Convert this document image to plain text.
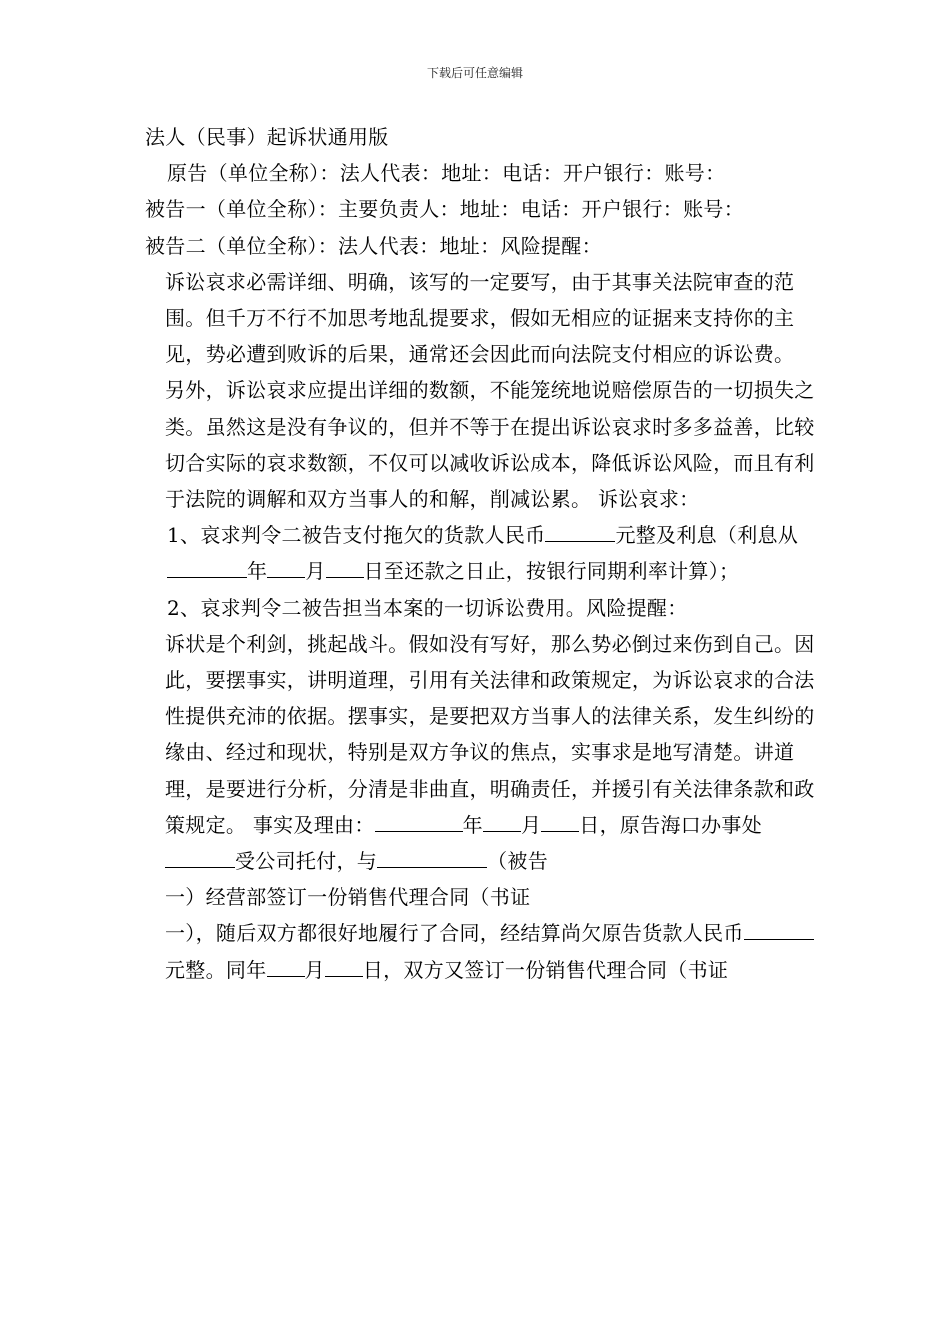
下载后可任意编辑

法人（民事）起诉状通用版

原告（单位全称）：法人代表：地址：电话：开户银行：账号：

被告一（单位全称）：主要负责人：地址：电话：开户银行：账号：

被告二（单位全称）：法人代表：地址：风险提醒：

诉讼哀求必需详细、明确，该写的一定要写，由于其事关法院审查的范围。但千万不行不加思考地乱提要求，假如无相应的证据来支持你的主见，势必遭到败诉的后果，通常还会因此而向法院支付相应的诉讼费。

另外，诉讼哀求应提出详细的数额，不能笼统地说赔偿原告的一切损失之类。虽然这是没有争议的，但并不等于在提出诉讼哀求时多多益善，比较切合实际的哀求数额，不仅可以减收诉讼成本，降低诉讼风险，而且有利于法院的调解和双方当事人的和解，削减讼累。 诉讼哀求：

1、哀求判令二被告支付拖欠的货款人民币	元整及利息（利息从年 月 日至还款之日止，按银行同期利率计算）；

2、哀求判令二被告担当本案的一切诉讼费用。风险提醒：

诉状是个利剑，挑起战斗。假如没有写好，那么势必倒过来伤到自己。因此，要摆事实，讲明道理，引用有关法律和政策规定，为诉讼哀求的合法性提供充沛的依据。摆事实，是要把双方当事人的法律关系，发生纠纷的缘由、经过和现状，特别是双方争议的焦点，实事求是地写清楚。讲道理，是要进行分析，分清是非曲直，明确责任，并援引有关法律条款和政策规定。 事实及理由：	年 月 日，原告海口办事处受公司托付，与	（被告

一）经营部签订一份销售代理合同（书证

一），随后双方都很好地履行了合同，经结算尚欠原告货款人民币元整。同年 月 日，双方又签订一份销售代理合同（书证
